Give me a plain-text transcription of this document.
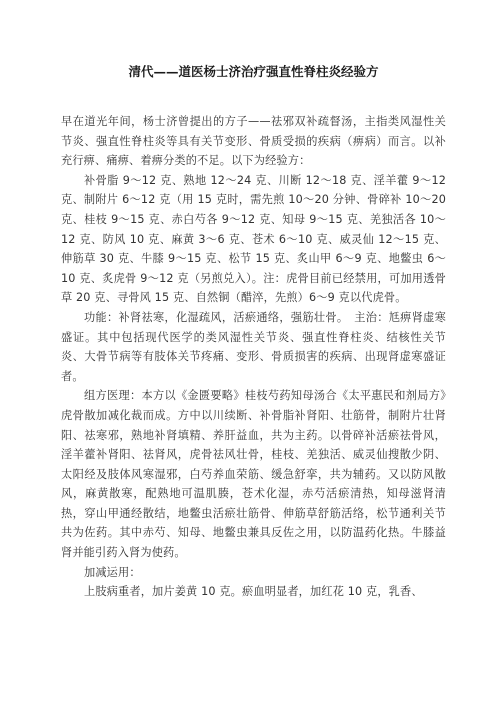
清代——道医杨士济治疗强直性脊柱炎经验方

早在道光年间，杨士济曾提出的方子——祛邪双补疏督汤，主指类风湿性关节炎、强直性脊柱炎等具有关节变形、骨质受损的疾病（痹病）而言。以补充行痹、痛痹、着痹分类的不足。以下为经验方：

补骨脂 9～12 克、熟地 12～24 克、川断 12～18 克、淫羊藿 9～12 克、制附片 6～12 克（用 15 克时，需先煎 10～20 分钟、骨碎补 10～20 克、桂枝 9～15 克、赤白芍各 9～12 克、知母 9～15 克、羌独活各 10～12 克、防风 10 克、麻黄 3～6 克、苍术 6～10 克、威灵仙 12～15 克、伸筋草 30 克、牛膝 9～15 克、松节 15 克、炙山甲 6～9 克、地鳖虫 6～10 克、炙虎骨 9～12 克（另煎兑入）。注：虎骨目前已经禁用，可加用透骨草 20 克、寻骨风 15 克、自然铜（醋淬，先煎）6～9 克以代虎骨。

功能：补肾祛寒，化湿疏风，活瘀通络，强筋壮骨。　主治：尪痹肾虚寒盛证。其中包括现代医学的类风湿性关节炎、强直性脊柱炎、结核性关节炎、大骨节病等有肢体关节疼痛、变形、骨质损害的疾病、出现肾虚寒盛证者。

组方医理：本方以《金匮要略》桂枝芍药知母汤合《太平惠民和剂局方》虎骨散加减化裁而成。方中以川续断、补骨脂补肾阳、壮筋骨，制附片壮肾阳、祛寒邪，熟地补肾填精、养肝益血，共为主药。以骨碎补活瘀祛骨风，淫羊藿补肾阳、祛肾风，虎骨祛风壮骨，桂枝、羌独活、威灵仙搜散少阴、太阳经及肢体风寒湿邪，白芍养血荣筋、缓急舒挛，共为辅药。又以防风散风，麻黄散寒，配熟地可温肌腠，苍术化湿，赤芍活瘀清热，知母滋肾清热，穿山甲通经散结，地鳖虫活瘀壮筋骨、伸筋草舒筋活络，松节通利关节共为佐药。其中赤芍、知母、地鳖虫兼具反佐之用，以防温药化热。牛膝益肾并能引药入肾为使药。

加减运用：

上肢病重者，加片姜黄 10 克。瘀血明显者，加红花 10 克，乳香、
